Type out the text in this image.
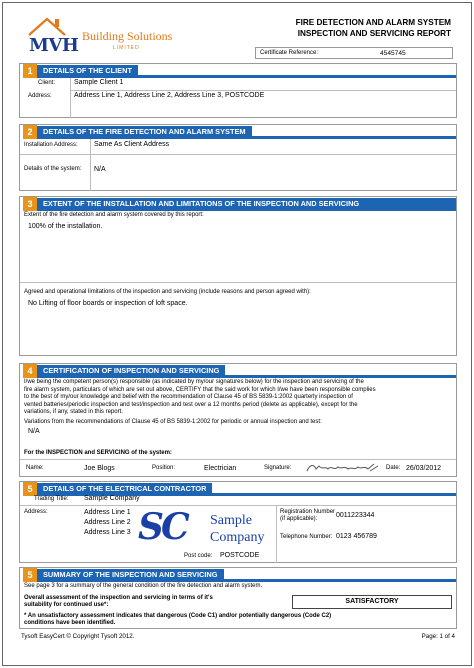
MVH Building Solutions
LIMITED
FIRE DETECTION AND ALARM SYSTEM
INSPECTION AND SERVICING REPORT
Certificate Reference:	4545745
1	DETAILS OF THE CLIENT
Client:	Sample Client 1
Address:	Address Line 1, Address Line 2, Address Line 3, POSTCODE
2	DETAILS OF THE FIRE DETECTION AND ALARM SYSTEM
Installation Address: Same As Client Address
Details of the system: N/A
3	EXTENT OF THE INSTALLATION AND LIMITATIONS OF THE INSPECTION AND SERVICING
Extent of the fire detection and alarm system covered by this report:
100% of the installation.
Agreed and operational limitations of the inspection and servicing (include reasons and person agreed with):
No Lifting of floor boards or inspection of loft space.
4	CERTIFICATION OF INSPECTION AND SERVICING
I/we being the competent person(s) responsible (as indicated by my/our signatures below) for the inspection and servicing of the
fire alarm system, particulars of which are set out above, CERTIFY that the said work for which I/we have been responsible complies
to the best of my/our knowledge and belief with the recommendation of Clause 45 of BS 5839-1:2002 quarterly inspection of
vented batteries/periodic inspection and test/inspection and test over a 12 months period (delete as applicable), except for the
variations, if any, stated in this report.
Variations from the recommendations of Clause 45 of BS 5839-1:2002 for periodic or annual inspection and test:
N/A
For the INSPECTION and SERVICING of the system:
Name:	Joe Blogs	Position:	Electrician	Signature:	Date: 26/03/2012
5	DETAILS OF THE ELECTRICAL CONTRACTOR
Trading Title: Sample Company
Address:	Address Line 1
Address Line 2
Address Line 3 SC Sample
Company
Post code: POSTCODE
Registration Number
(if applicable):	0011223344
Telephone Number: 0123 456789
5	SUMMARY OF THE INSPECTION AND SERVICING
See page 3 for a summary of the general condition of the fire detection and alarm system.
Overall assessment of the inspection and servicing in terms of it's
suitability for continued use*:	SATISFACTORY
* An unsatisfactory assessment indicates that dangerous (Code C1) and/or potentially dangerous (Code C2)
conditions have been identified.
Tysoft EasyCert © Copyright Tysoft 2012.	Page: 1 of 4
